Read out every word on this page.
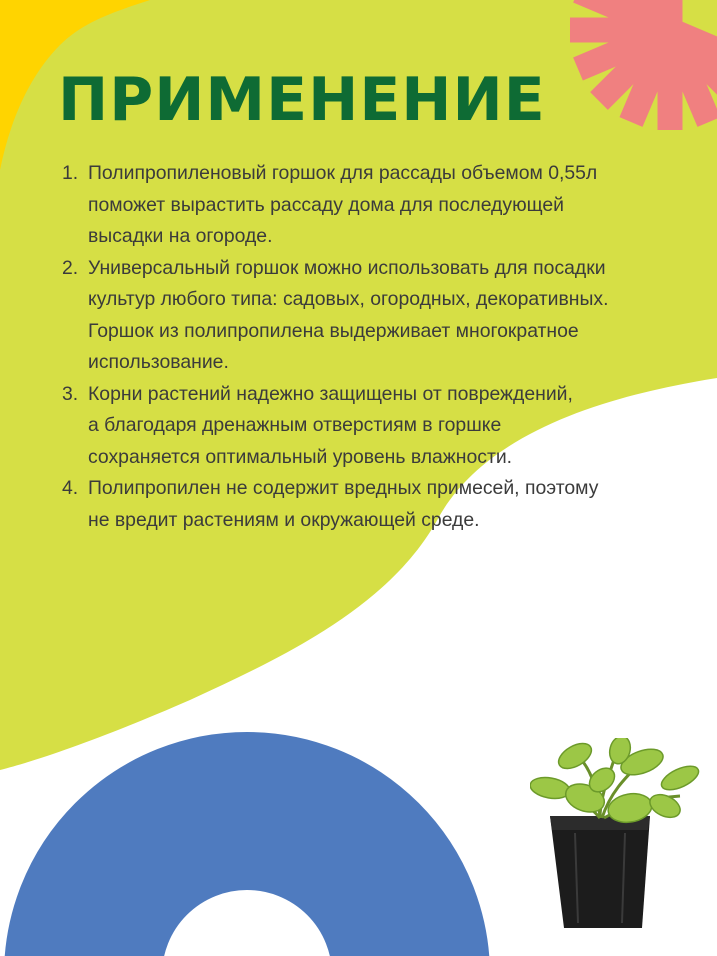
ПРИМЕНЕНИЕ
1. Полипропиленовый горшок для рассады объемом 0,55л
поможет вырастить рассаду дома для последующей
высадки на огороде.
2. Универсальный горшок можно использовать для посадки
культур любого типа: садовых, огородных, декоративных.
Горшок из полипропилена выдерживает многократное
использование.
3. Корни растений надежно защищены от повреждений,
а благодаря дренажным отверстиям в горшке
сохраняется оптимальный уровень влажности.
4. Полипропилен не содержит вредных примесей, поэтому
не вредит растениям и окружающей среде.
